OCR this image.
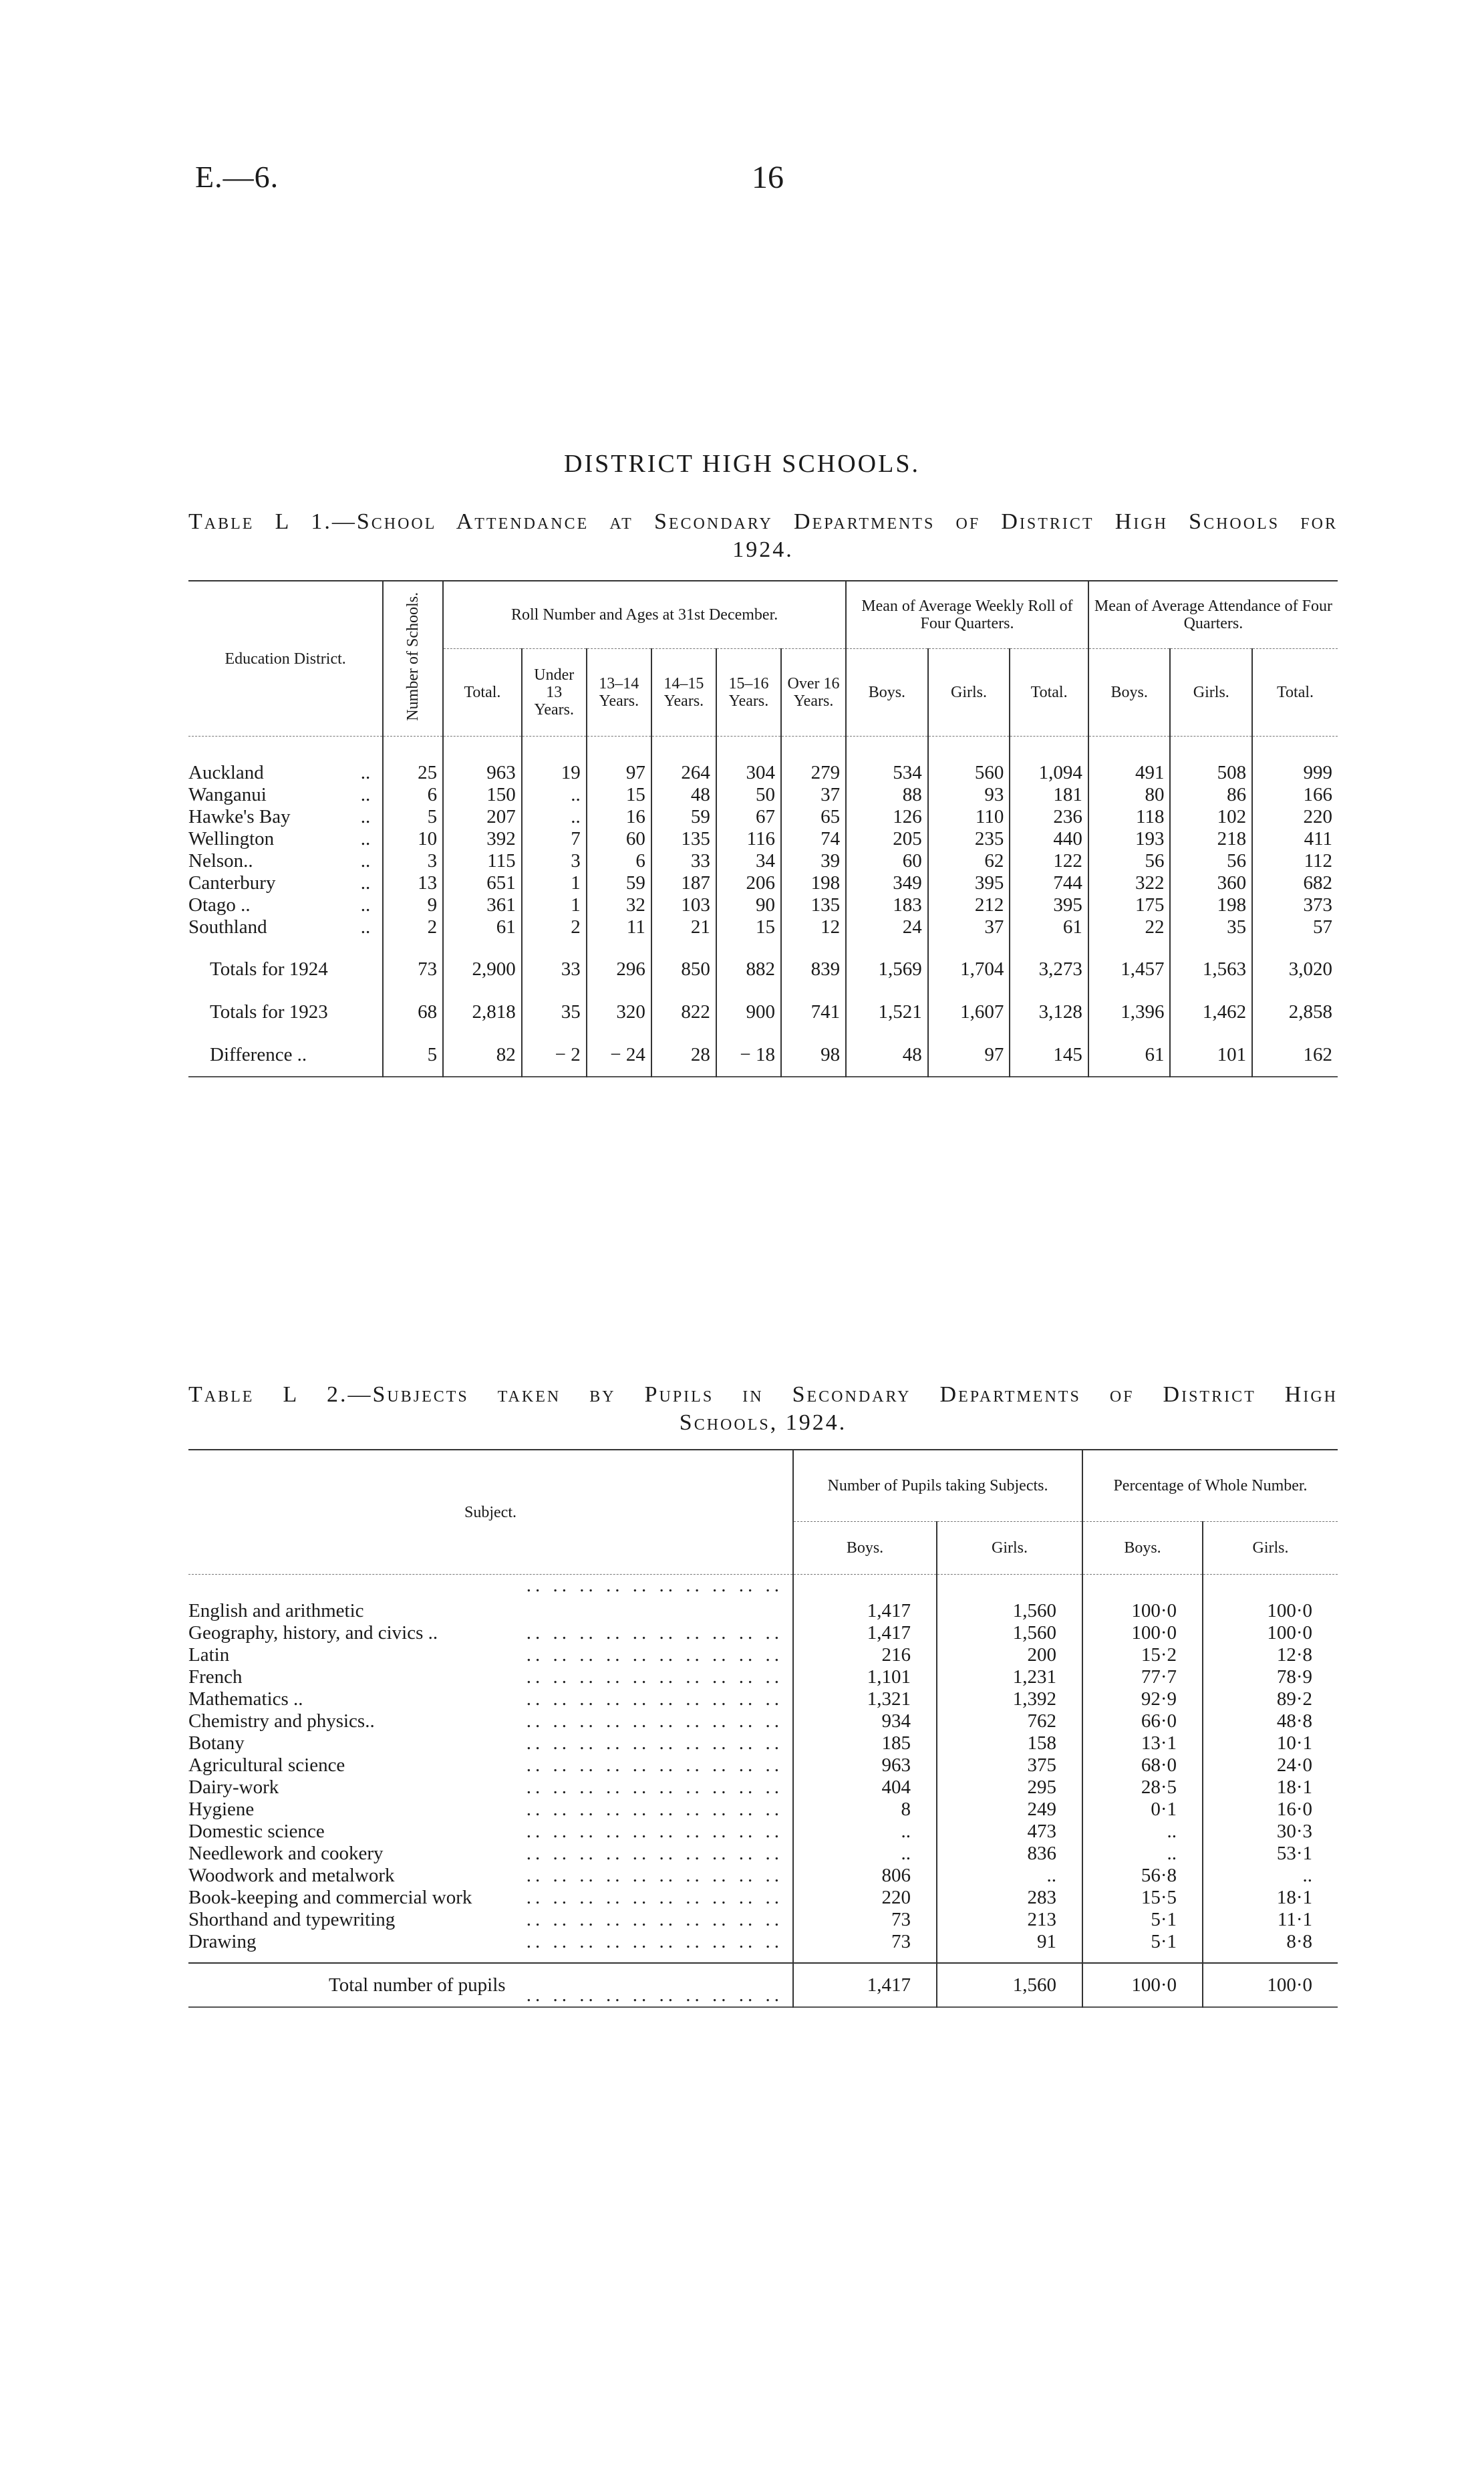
E.—6.	16
DISTRICT HIGH SCHOOLS.
Table L 1.—School Attendance at Secondary Departments of District High Schools for
1924.
Education District.	Number of Schools.	Roll Number and Ages at 31st December.						Mean of Average Weekly Roll of Four Quarters.			Mean of Average Attendance of Four Quarters.		
		Total.	Under 13 Years.	13–14 Years.	14–15 Years.	15–16 Years.	Over 16 Years.	Boys.	Girls.	Total.	Boys.	Girls.	Total.
Auckland ..	25	963	19	97	264	304	279	534	560	1,094	491	508	999
Wanganui ..	6	150	..	15	48	50	37	88	93	181	80	86	166
Hawke's Bay ..	5	207	..	16	59	67	65	126	110	236	118	102	220
Wellington ..	10	392	7	60	135	116	74	205	235	440	193	218	411
Nelson.. ..	3	115	3	6	33	34	39	60	62	122	56	56	112
Canterbury ..	13	651	1	59	187	206	198	349	395	744	322	360	682
Otago .. ..	9	361	1	32	103	90	135	183	212	395	175	198	373
Southland ..	2	61	2	11	21	15	12	24	37	61	22	35	57
Totals for 1924	73	2,900	33	296	850	882	839	1,569	1,704	3,273	1,457	1,563	3,020
Totals for 1923	68	2,818	35	320	822	900	741	1,521	1,607	3,128	1,396	1,462	2,858
Difference ..	5	82	− 2	− 24	28	− 18	98	48	97	145	61	101	162

Table L 2.—Subjects taken by Pupils in Secondary Departments of District High
Schools, 1924.
Subject.	Number of Pupils taking Subjects.		Percentage of Whole Number.	
	Boys.	Girls.	Boys.	Girls.

.. .. .. .. .. .. .. .. .. ..
English and arithmetic	1,417	1,560	100·0	100·0

.. .. .. .. .. .. .. .. .. ..
Geography, history, and civics ..	1,417	1,560	100·0	100·0

.. .. .. .. .. .. .. .. .. ..
Latin	216	200	15·2	12·8

.. .. .. .. .. .. .. .. .. ..
French	1,101	1,231	77·7	78·9

.. .. .. .. .. .. .. .. .. ..
Mathematics ..	1,321	1,392	92·9	89·2

.. .. .. .. .. .. .. .. .. ..
Chemistry and physics..	934	762	66·0	48·8

.. .. .. .. .. .. .. .. .. ..
Botany	185	158	13·1	10·1

.. .. .. .. .. .. .. .. .. ..
Agricultural science	963	375	68·0	24·0

.. .. .. .. .. .. .. .. .. ..
Dairy-work	404	295	28·5	18·1

.. .. .. .. .. .. .. .. .. ..
Hygiene	8	249	0·1	16·0

.. .. .. .. .. .. .. .. .. ..
Domestic science	..	473	..	30·3

.. .. .. .. .. .. .. .. .. ..
Needlework and cookery	..	836	..	53·1

.. .. .. .. .. .. .. .. .. ..
Woodwork and metalwork	806	..	56·8	..

.. .. .. .. .. .. .. .. .. ..
Book-keeping and commercial work	220	283	15·5	18·1

.. .. .. .. .. .. .. .. .. ..
Shorthand and typewriting	73	213	5·1	11·1

.. .. .. .. .. .. .. .. .. ..
Drawing	73	91	5·1	8·8

.. .. .. .. .. .. .. .. .. ..
Total number of pupils	1,417	1,560	100·0	100·0
